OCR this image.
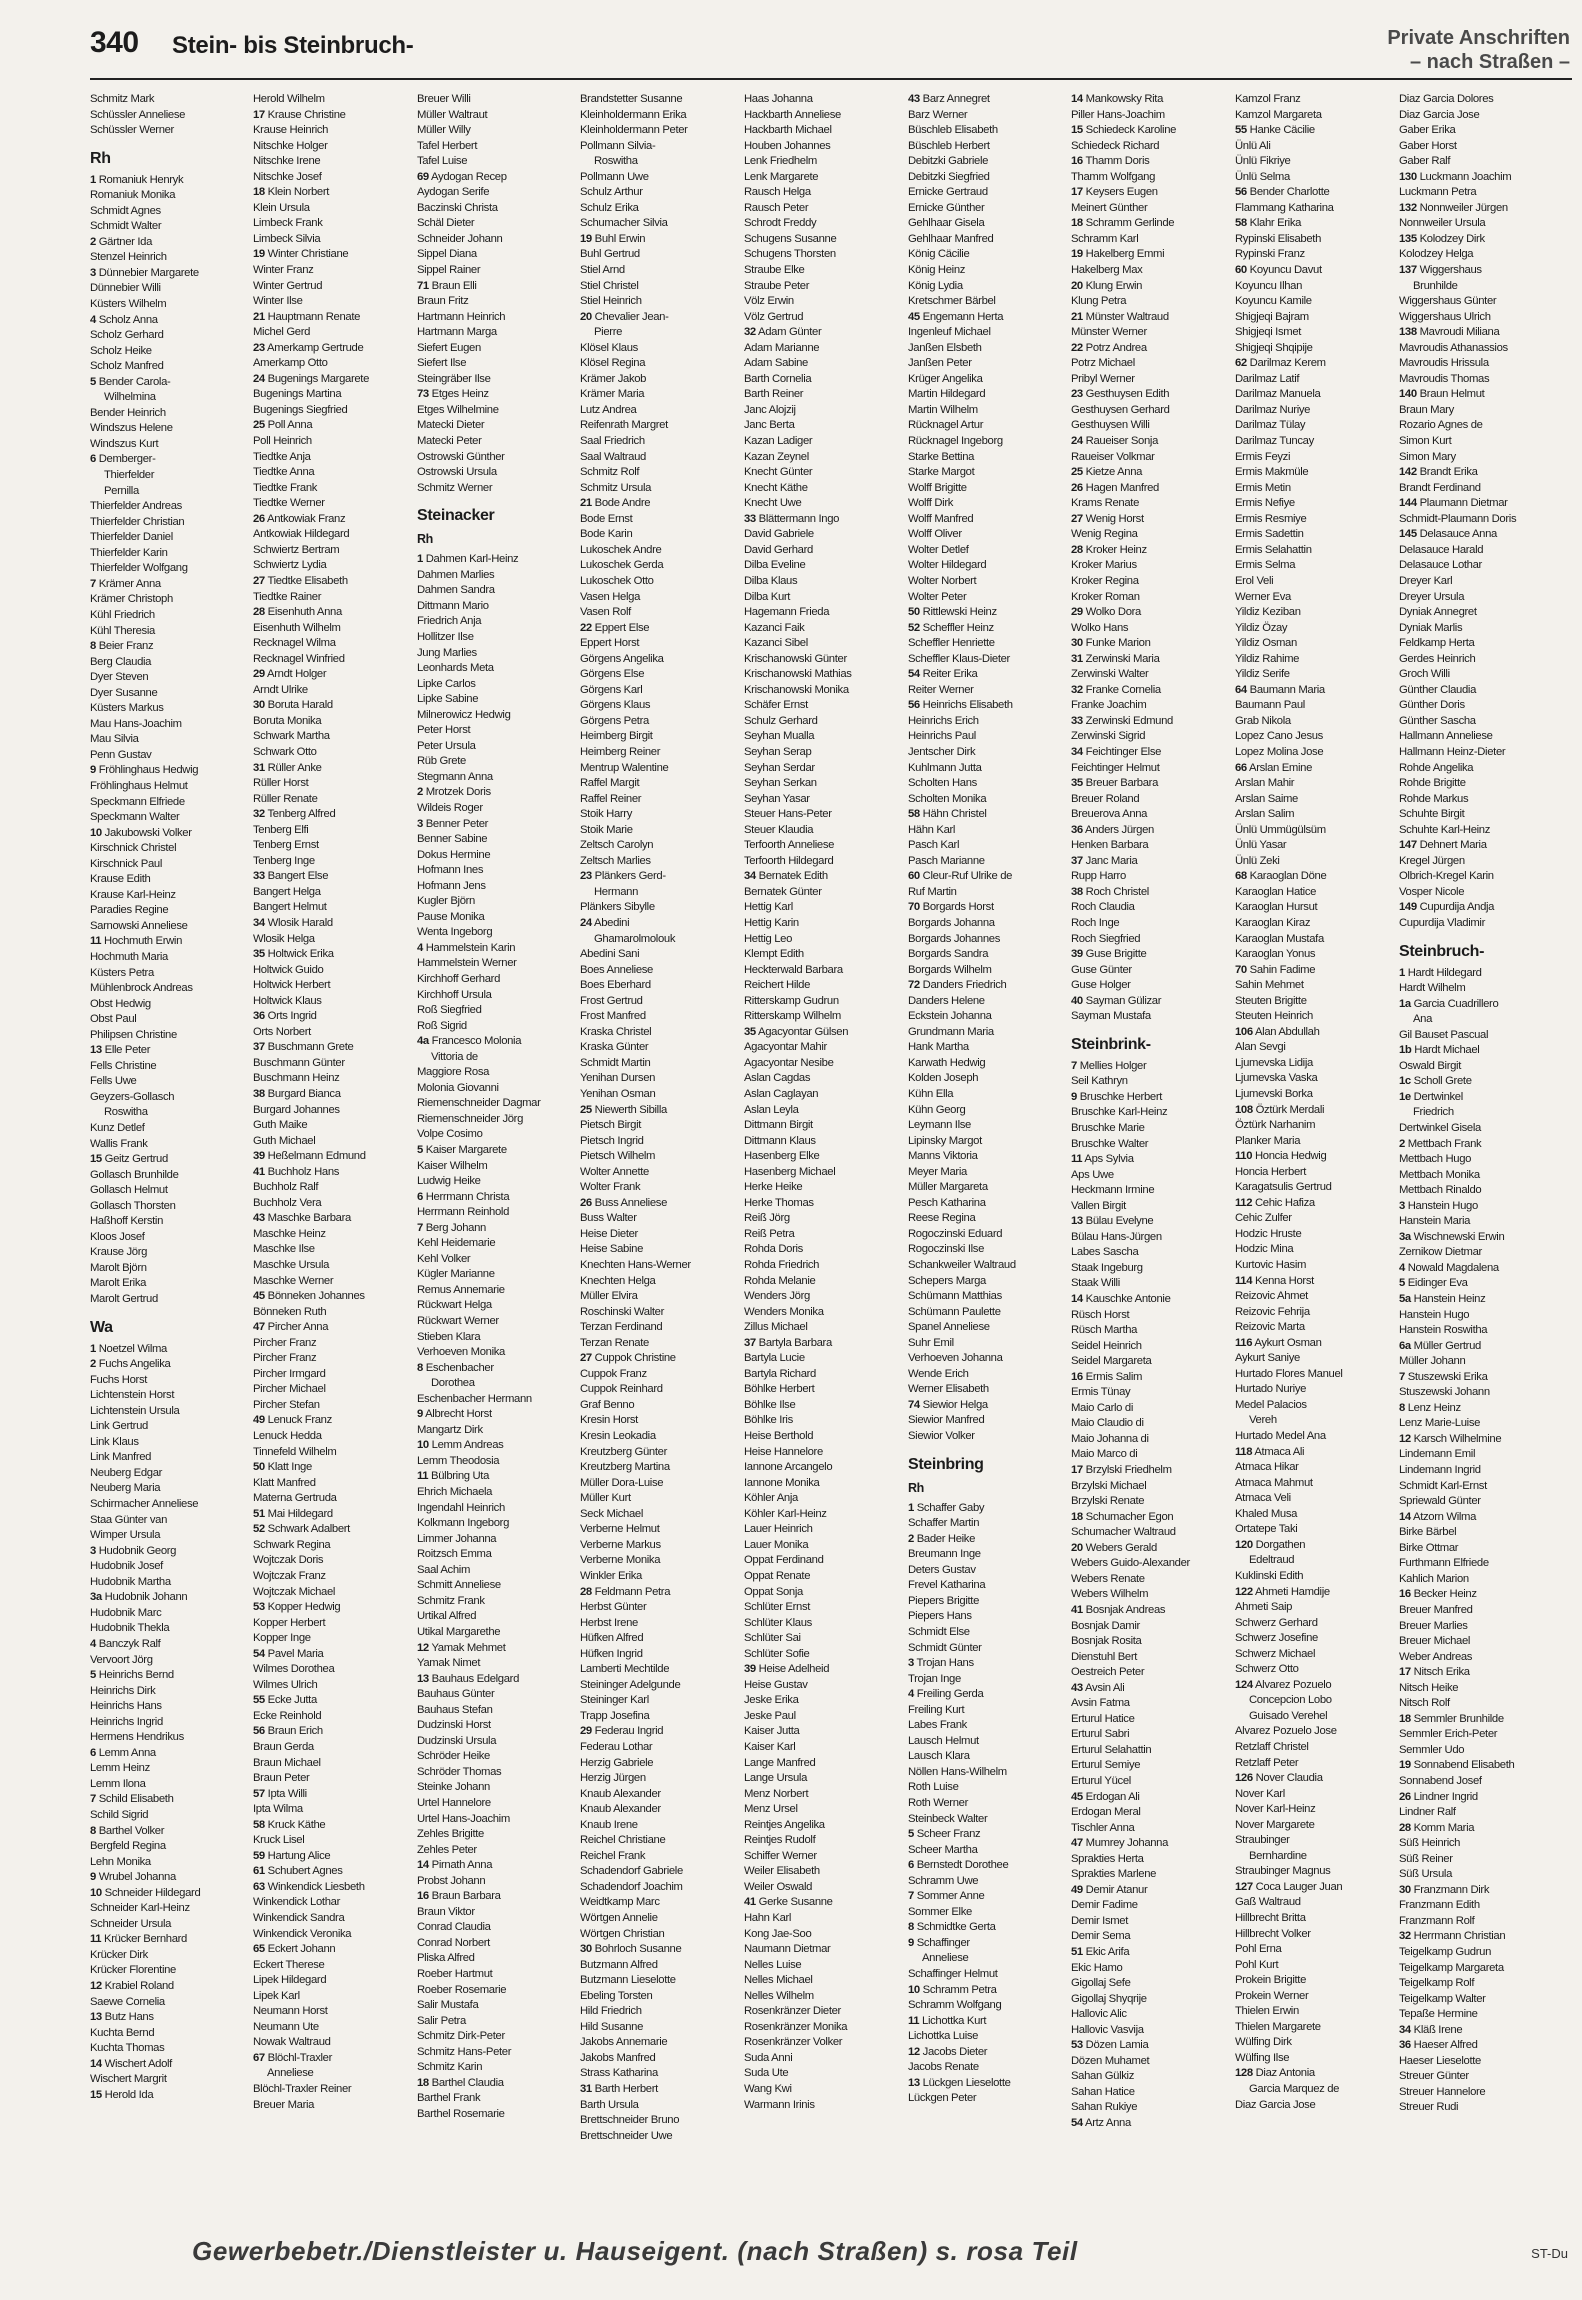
340 Stein- bis Steinbruch-	Private Anschriften
– nach Straßen –
Schmitz Mark
Schüssler Anneliese
Schüssler Werner
Rh
1 Romaniuk Henryk
Romaniuk Monika
Schmidt Agnes
Schmidt Walter
2 Gärtner Ida
Stenzel Heinrich
3 Dünnebier Margarete
Dünnebier Willi
Küsters Wilhelm
4 Scholz Anna
Scholz Gerhard
Scholz Heike
Scholz Manfred
5 Bender Carola-
Wilhelmina
Bender Heinrich
Windszus Helene
Windszus Kurt
6 Demberger-
Thierfelder
Pernilla
Thierfelder Andreas
Thierfelder Christian
Thierfelder Daniel
Thierfelder Karin
Thierfelder Wolfgang
7 Krämer Anna
Krämer Christoph
Kühl Friedrich
Kühl Theresia
8 Beier Franz
Berg Claudia
Dyer Steven
Dyer Susanne
Küsters Markus
Mau Hans-Joachim
Mau Silvia
Penn Gustav
9 Fröhlinghaus Hedwig
Fröhlinghaus Helmut
Speckmann Elfriede
Speckmann Walter
10 Jakubowski Volker
Kirschnick Christel
Kirschnick Paul
Krause Edith
Krause Karl-Heinz
Paradies Regine
Sarnowski Anneliese
11 Hochmuth Erwin
Hochmuth Maria
Küsters Petra
Mühlenbrock Andreas
Obst Hedwig
Obst Paul
Philipsen Christine
13 Elle Peter
Fells Christine
Fells Uwe
Geyzers-Gollasch
Roswitha
Kunz Detlef
Wallis Frank
15 Geitz Gertrud
Gollasch Brunhilde
Gollasch Helmut
Gollasch Thorsten
Haßhoff Kerstin
Kloos Josef
Krause Jörg
Marolt Björn
Marolt Erika
Marolt Gertrud
Wa
1 Noetzel Wilma
2 Fuchs Angelika
Fuchs Horst
Lichtenstein Horst
Lichtenstein Ursula
Link Gertrud
Link Klaus
Link Manfred
Neuberg Edgar
Neuberg Maria
Schirmacher Anneliese
Staa Günter van
Wimper Ursula
3 Hudobnik Georg
Hudobnik Josef
Hudobnik Martha
3a Hudobnik Johann
Hudobnik Marc
Hudobnik Thekla
4 Banczyk Ralf
Vervoort Jörg
5 Heinrichs Bernd
Heinrichs Dirk
Heinrichs Hans
Heinrichs Ingrid
Hermens Hendrikus
6 Lemm Anna
Lemm Heinz
Lemm Ilona
7 Schild Elisabeth
Schild Sigrid
8 Barthel Volker
Bergfeld Regina
Lehn Monika
9 Wrubel Johanna
10 Schneider Hildegard
Schneider Karl-Heinz
Schneider Ursula
11 Krücker Bernhard
Krücker Dirk
Krücker Florentine
12 Krabiel Roland
Saewe Cornelia
13 Butz Hans
Kuchta Bernd
Kuchta Thomas
14 Wischert Adolf
Wischert Margrit
15 Herold Ida
Herold Wilhelm
17 Krause Christine
Krause Heinrich
Nitschke Holger
Nitschke Irene
Nitschke Josef
18 Klein Norbert
Klein Ursula
Limbeck Frank
Limbeck Silvia
19 Winter Christiane
Winter Franz
Winter Gertrud
Winter Ilse
21 Hauptmann Renate
Michel Gerd
23 Amerkamp Gertrude
Amerkamp Otto
24 Bugenings Margarete
Bugenings Martina
Bugenings Siegfried
25 Poll Anna
Poll Heinrich
Tiedtke Anja
Tiedtke Anna
Tiedtke Frank
Tiedtke Werner
26 Antkowiak Franz
Antkowiak Hildegard
Schwiertz Bertram
Schwiertz Lydia
27 Tiedtke Elisabeth
Tiedtke Rainer
28 Eisenhuth Anna
Eisenhuth Wilhelm
Recknagel Wilma
Recknagel Winfried
29 Arndt Holger
Arndt Ulrike
30 Boruta Harald
Boruta Monika
Schwark Martha
Schwark Otto
31 Rüller Anke
Rüller Horst
Rüller Renate
32 Tenberg Alfred
Tenberg Elfi
Tenberg Ernst
Tenberg Inge
33 Bangert Else
Bangert Helga
Bangert Helmut
34 Wlosik Harald
Wlosik Helga
35 Holtwick Erika
Holtwick Guido
Holtwick Herbert
Holtwick Klaus
36 Orts Ingrid
Orts Norbert
37 Buschmann Grete
Buschmann Günter
Buschmann Heinz
38 Burgard Bianca
Burgard Johannes
Guth Maike
Guth Michael
39 Heßelmann Edmund
41 Buchholz Hans
Buchholz Ralf
Buchholz Vera
43 Maschke Barbara
Maschke Heinz
Maschke Ilse
Maschke Ursula
Maschke Werner
45 Bönneken Johannes
Bönneken Ruth
47 Pircher Anna
Pircher Franz
Pircher Franz
Pircher Irmgard
Pircher Michael
Pircher Stefan
49 Lenuck Franz
Lenuck Hedda
Tinnefeld Wilhelm
50 Klatt Inge
Klatt Manfred
Materna Gertruda
51 Mai Hildegard
52 Schwark Adalbert
Schwark Regina
Wojtczak Doris
Wojtczak Franz
Wojtczak Michael
53 Kopper Hedwig
Kopper Herbert
Kopper Inge
54 Pavel Maria
Wilmes Dorothea
Wilmes Ulrich
55 Ecke Jutta
Ecke Reinhold
56 Braun Erich
Braun Gerda
Braun Michael
Braun Peter
57 Ipta Willi
Ipta Wilma
58 Kruck Käthe
Kruck Lisel
59 Hartung Alice
61 Schubert Agnes
63 Winkendick Liesbeth
Winkendick Lothar
Winkendick Sandra
Winkendick Veronika
65 Eckert Johann
Eckert Therese
Lipek Hildegard
Lipek Karl
Neumann Horst
Neumann Ute
Nowak Waltraud
67 Blöchl-Traxler
Anneliese
Blöchl-Traxler Reiner
Breuer Maria
Breuer Willi
Müller Waltraut
Müller Willy
Tafel Herbert
Tafel Luise
69 Aydogan Recep
Aydogan Serife
Baczinski Christa
Schäl Dieter
Schneider Johann
Sippel Diana
Sippel Rainer
71 Braun Elli
Braun Fritz
Hartmann Heinrich
Hartmann Marga
Siefert Eugen
Siefert Ilse
Steingräber Ilse
73 Etges Heinz
Etges Wilhelmine
Matecki Dieter
Matecki Peter
Ostrowski Günther
Ostrowski Ursula
Schmitz Werner
Steinacker
Rh
1 Dahmen Karl-Heinz
Dahmen Marlies
Dahmen Sandra
Dittmann Mario
Friedrich Anja
Hollitzer Ilse
Jung Marlies
Leonhards Meta
Lipke Carlos
Lipke Sabine
Milnerowicz Hedwig
Peter Horst
Peter Ursula
Rüb Grete
Stegmann Anna
2 Mrotzek Doris
Wildeis Roger
3 Benner Peter
Benner Sabine
Dokus Hermine
Hofmann Ines
Hofmann Jens
Kugler Björn
Pause Monika
Wenta Ingeborg
4 Hammelstein Karin
Hammelstein Werner
Kirchhoff Gerhard
Kirchhoff Ursula
Roß Siegfried
Roß Sigrid
4a Francesco Molonia
Vittoria de
Maggiore Rosa
Molonia Giovanni
Riemenschneider Dagmar
Riemenschneider Jörg
Volpe Cosimo
5 Kaiser Margarete
Kaiser Wilhelm
Ludwig Heike
6 Herrmann Christa
Herrmann Reinhold
7 Berg Johann
Kehl Heidemarie
Kehl Volker
Kügler Marianne
Remus Annemarie
Rückwart Helga
Rückwart Werner
Stieben Klara
Verhoeven Monika
8 Eschenbacher
Dorothea
Eschenbacher Hermann
9 Albrecht Horst
Mangartz Dirk
10 Lemm Andreas
Lemm Theodosia
11 Bülbring Uta
Ehrich Michaela
Ingendahl Heinrich
Kolkmann Ingeborg
Limmer Johanna
Roitzsch Emma
Saal Achim
Schmitt Anneliese
Schmitz Frank
Urtikal Alfred
Utikal Margarethe
12 Yamak Mehmet
Yamak Nimet
13 Bauhaus Edelgard
Bauhaus Günter
Bauhaus Stefan
Dudzinski Horst
Dudzinski Ursula
Schröder Heike
Schröder Thomas
Steinke Johann
Urtel Hannelore
Urtel Hans-Joachim
Zehles Brigitte
Zehles Peter
14 Pirnath Anna
Probst Johann
16 Braun Barbara
Braun Viktor
Conrad Claudia
Conrad Norbert
Pliska Alfred
Roeber Hartmut
Roeber Rosemarie
Salir Mustafa
Salir Petra
Schmitz Dirk-Peter
Schmitz Hans-Peter
Schmitz Karin
18 Barthel Claudia
Barthel Frank
Barthel Rosemarie
Brandstetter Susanne
Kleinholdermann Erika
Kleinholdermann Peter
Pollmann Silvia-
Roswitha
Pollmann Uwe
Schulz Arthur
Schulz Erika
Schumacher Silvia
19 Buhl Erwin
Buhl Gertrud
Stiel Arnd
Stiel Christel
Stiel Heinrich
20 Chevalier Jean-
Pierre
Klösel Klaus
Klösel Regina
Krämer Jakob
Krämer Maria
Lutz Andrea
Reifenrath Margret
Saal Friedrich
Saal Waltraud
Schmitz Rolf
Schmitz Ursula
21 Bode Andre
Bode Ernst
Bode Karin
Lukoschek Andre
Lukoschek Gerda
Lukoschek Otto
Vasen Helga
Vasen Rolf
22 Eppert Else
Eppert Horst
Görgens Angelika
Görgens Else
Görgens Karl
Görgens Klaus
Görgens Petra
Heimberg Birgit
Heimberg Reiner
Mentrup Walentine
Raffel Margit
Raffel Reiner
Stoik Harry
Stoik Marie
Zeltsch Carolyn
Zeltsch Marlies
23 Plänkers Gerd-
Hermann
Plänkers Sibylle
24 Abedini
Ghamarolmolouk
Abedini Sani
Boes Anneliese
Boes Eberhard
Frost Gertrud
Frost Manfred
Kraska Christel
Kraska Günter
Schmidt Martin
Yenihan Dursen
Yenihan Osman
25 Niewerth Sibilla
Pietsch Birgit
Pietsch Ingrid
Pietsch Wilhelm
Wolter Annette
Wolter Frank
26 Buss Anneliese
Buss Walter
Heise Dieter
Heise Sabine
Knechten Hans-Werner
Knechten Helga
Müller Elvira
Roschinski Walter
Terzan Ferdinand
Terzan Renate
27 Cuppok Christine
Cuppok Franz
Cuppok Reinhard
Graf Benno
Kresin Horst
Kresin Leokadia
Kreutzberg Günter
Kreutzberg Martina
Müller Dora-Luise
Müller Kurt
Seck Michael
Verberne Helmut
Verberne Markus
Verberne Monika
Winkler Erika
28 Feldmann Petra
Herbst Günter
Herbst Irene
Hüfken Alfred
Hüfken Ingrid
Lamberti Mechtilde
Steininger Adelgunde
Steininger Karl
Trapp Josefina
29 Federau Ingrid
Federau Lothar
Herzig Gabriele
Herzig Jürgen
Knaub Alexander
Knaub Alexander
Knaub Irene
Reichel Christiane
Reichel Frank
Schadendorf Gabriele
Schadendorf Joachim
Weidtkamp Marc
Wörtgen Annelie
Wörtgen Christian
30 Bohrloch Susanne
Butzmann Alfred
Butzmann Lieselotte
Ebeling Torsten
Hild Friedrich
Hild Susanne
Jakobs Annemarie
Jakobs Manfred
Strass Katharina
31 Barth Herbert
Barth Ursula
Brettschneider Bruno
Brettschneider Uwe
Haas Johanna
Hackbarth Anneliese
Hackbarth Michael
Houben Johannes
Lenk Friedhelm
Lenk Margarete
Rausch Helga
Rausch Peter
Schrodt Freddy
Schugens Susanne
Schugens Thorsten
Straube Elke
Straube Peter
Völz Erwin
Völz Gertrud
32 Adam Günter
Adam Marianne
Adam Sabine
Barth Cornelia
Barth Reiner
Janc Alojzij
Janc Berta
Kazan Ladiger
Kazan Zeynel
Knecht Günter
Knecht Käthe
Knecht Uwe
33 Blättermann Ingo
David Gabriele
David Gerhard
Dilba Eveline
Dilba Klaus
Dilba Kurt
Hagemann Frieda
Kazanci Faik
Kazanci Sibel
Krischanowski Günter
Krischanowski Mathias
Krischanowski Monika
Schäfer Ernst
Schulz Gerhard
Seyhan Mualla
Seyhan Serap
Seyhan Serdar
Seyhan Serkan
Seyhan Yasar
Steuer Hans-Peter
Steuer Klaudia
Terfoorth Anneliese
Terfoorth Hildegard
34 Bernatek Edith
Bernatek Günter
Hettig Karl
Hettig Karin
Hettig Leo
Klempt Edith
Heckterwald Barbara
Reichert Hilde
Ritterskamp Gudrun
Ritterskamp Wilhelm
35 Agacyontar Gülsen
Agacyontar Mahir
Agacyontar Nesibe
Aslan Cagdas
Aslan Caglayan
Aslan Leyla
Dittmann Birgit
Dittmann Klaus
Hasenberg Elke
Hasenberg Michael
Herke Heike
Herke Thomas
Reiß Jörg
Reiß Petra
Rohda Doris
Rohda Friedrich
Rohda Melanie
Wenders Jörg
Wenders Monika
Zillus Michael
37 Bartyla Barbara
Bartyla Lucie
Bartyla Richard
Böhlke Herbert
Böhlke Ilse
Böhlke Iris
Heise Berthold
Heise Hannelore
Iannone Arcangelo
Iannone Monika
Köhler Anja
Köhler Karl-Heinz
Lauer Heinrich
Lauer Monika
Oppat Ferdinand
Oppat Renate
Oppat Sonja
Schlüter Ernst
Schlüter Klaus
Schlüter Sai
Schlüter Sofie
39 Heise Adelheid
Heise Gustav
Jeske Erika
Jeske Paul
Kaiser Jutta
Kaiser Karl
Lange Manfred
Lange Ursula
Menz Norbert
Menz Ursel
Reintjes Angelika
Reintjes Rudolf
Schiffer Werner
Weiler Elisabeth
Weiler Oswald
41 Gerke Susanne
Hahn Karl
Kong Jae-Soo
Naumann Dietmar
Nelles Luise
Nelles Michael
Nelles Wilhelm
Rosenkränzer Dieter
Rosenkränzer Monika
Rosenkränzer Volker
Suda Anni
Suda Ute
Wang Kwi
Warmann Irinis
43 Barz Annegret
Barz Werner
Büschleb Elisabeth
Büschleb Herbert
Debitzki Gabriele
Debitzki Siegfried
Ernicke Gertraud
Ernicke Günther
Gehlhaar Gisela
Gehlhaar Manfred
König Cäcilie
König Heinz
König Lydia
Kretschmer Bärbel
45 Engemann Herta
Ingenleuf Michael
Janßen Elsbeth
Janßen Peter
Krüger Angelika
Martin Hildegard
Martin Wilhelm
Rücknagel Artur
Rücknagel Ingeborg
Starke Bettina
Starke Margot
Wolff Brigitte
Wolff Dirk
Wolff Manfred
Wolff Oliver
Wolter Detlef
Wolter Hildegard
Wolter Norbert
Wolter Peter
50 Rittlewski Heinz
52 Scheffler Heinz
Scheffler Henriette
Scheffler Klaus-Dieter
54 Reiter Erika
Reiter Werner
56 Heinrichs Elisabeth
Heinrichs Erich
Heinrichs Paul
Jentscher Dirk
Kuhlmann Jutta
Scholten Hans
Scholten Monika
58 Hähn Christel
Hähn Karl
Pasch Karl
Pasch Marianne
60 Cleur-Ruf Ulrike de
Ruf Martin
70 Borgards Horst
Borgards Johanna
Borgards Johannes
Borgards Sandra
Borgards Wilhelm
72 Danders Friedrich
Danders Helene
Eckstein Johanna
Grundmann Maria
Hank Martha
Karwath Hedwig
Kolden Joseph
Kühn Ella
Kühn Georg
Leymann Ilse
Lipinsky Margot
Manns Viktoria
Meyer Maria
Müller Margareta
Pesch Katharina
Reese Regina
Rogoczinski Eduard
Rogoczinski Ilse
Schankweiler Waltraud
Schepers Marga
Schümann Matthias
Schümann Paulette
Spanel Anneliese
Suhr Emil
Verhoeven Johanna
Wende Erich
Werner Elisabeth
74 Siewior Helga
Siewior Manfred
Siewior Volker
Steinbring
Rh
1 Schaffer Gaby
Schaffer Martin
2 Bader Heike
Breumann Inge
Deters Gustav
Frevel Katharina
Piepers Brigitte
Piepers Hans
Schmidt Else
Schmidt Günter
3 Trojan Hans
Trojan Inge
4 Freiling Gerda
Freiling Kurt
Labes Frank
Lausch Helmut
Lausch Klara
Nöllen Hans-Wilhelm
Roth Luise
Roth Werner
Steinbeck Walter
5 Scheer Franz
Scheer Martha
6 Bernstedt Dorothee
Schramm Uwe
7 Sommer Anne
Sommer Elke
8 Schmidtke Gerta
9 Schaffinger
Anneliese
Schaffinger Helmut
10 Schramm Petra
Schramm Wolfgang
11 Lichottka Kurt
Lichottka Luise
12 Jacobs Dieter
Jacobs Renate
13 Lückgen Lieselotte
Lückgen Peter
14 Mankowsky Rita
Piller Hans-Joachim
15 Schiedeck Karoline
Schiedeck Richard
16 Thamm Doris
Thamm Wolfgang
17 Keysers Eugen
Meinert Günther
18 Schramm Gerlinde
Schramm Karl
19 Hakelberg Emmi
Hakelberg Max
20 Klung Erwin
Klung Petra
21 Münster Waltraud
Münster Werner
22 Potrz Andrea
Potrz Michael
Pribyl Werner
23 Gesthuysen Edith
Gesthuysen Gerhard
Gesthuysen Willi
24 Raueiser Sonja
Raueiser Volkmar
25 Kietze Anna
26 Hagen Manfred
Krams Renate
27 Wenig Horst
Wenig Regina
28 Kroker Heinz
Kroker Marius
Kroker Regina
Kroker Roman
29 Wolko Dora
Wolko Hans
30 Funke Marion
31 Zerwinski Maria
Zerwinski Walter
32 Franke Cornelia
Franke Joachim
33 Zerwinski Edmund
Zerwinski Sigrid
34 Feichtinger Else
Feichtinger Helmut
35 Breuer Barbara
Breuer Roland
Breuerova Anna
36 Anders Jürgen
Henken Barbara
37 Janc Maria
Rupp Harro
38 Roch Christel
Roch Claudia
Roch Inge
Roch Siegfried
39 Guse Brigitte
Guse Günter
Guse Holger
40 Sayman Gülizar
Sayman Mustafa
Steinbrink-
7 Mellies Holger
Seil Kathryn
9 Bruschke Herbert
Bruschke Karl-Heinz
Bruschke Marie
Bruschke Walter
11 Aps Sylvia
Aps Uwe
Heckmann Irmine
Vallen Birgit
13 Bülau Evelyne
Bülau Hans-Jürgen
Labes Sascha
Staak Ingeburg
Staak Willi
14 Kauschke Antonie
Rüsch Horst
Rüsch Martha
Seidel Heinrich
Seidel Margareta
16 Ermis Salim
Ermis Tünay
Maio Carlo di
Maio Claudio di
Maio Johanna di
Maio Marco di
17 Brzylski Friedhelm
Brzylski Michael
Brzylski Renate
18 Schumacher Egon
Schumacher Waltraud
20 Webers Gerald
Webers Guido-Alexander
Webers Renate
Webers Wilhelm
41 Bosnjak Andreas
Bosnjak Damir
Bosnjak Rosita
Dienstuhl Bert
Oestreich Peter
43 Avsin Ali
Avsin Fatma
Erturul Hatice
Erturul Sabri
Erturul Selahattin
Erturul Semiye
Erturul Yücel
45 Erdogan Ali
Erdogan Meral
Tischler Anna
47 Mumrey Johanna
Sprakties Herta
Sprakties Marlene
49 Demir Atanur
Demir Fadime
Demir Ismet
Demir Sema
51 Ekic Arifa
Ekic Hamo
Gigollaj Sefe
Gigollaj Shyqrije
Hallovic Alic
Hallovic Vasvija
53 Dözen Lamia
Dözen Muhamet
Sahan Gülkiz
Sahan Hatice
Sahan Rukiye
54 Artz Anna
Kamzol Franz
Kamzol Margareta
55 Hanke Cäcilie
Ünlü Ali
Ünlü Fikriye
Ünlü Selma
56 Bender Charlotte
Flammang Katharina
58 Klahr Erika
Rypinski Elisabeth
Rypinski Franz
60 Koyuncu Davut
Koyuncu Ilhan
Koyuncu Kamile
Shigjeqi Bajram
Shigjeqi Ismet
Shigjeqi Shqipije
62 Darilmaz Kerem
Darilmaz Latif
Darilmaz Manuela
Darilmaz Nuriye
Darilmaz Tülay
Darilmaz Tuncay
Ermis Feyzi
Ermis Makmüle
Ermis Metin
Ermis Nefiye
Ermis Resmiye
Ermis Sadettin
Ermis Selahattin
Ermis Selma
Erol Veli
Werner Eva
Yildiz Keziban
Yildiz Özay
Yildiz Osman
Yildiz Rahime
Yildiz Serife
64 Baumann Maria
Baumann Paul
Grab Nikola
Lopez Cano Jesus
Lopez Molina Jose
66 Arslan Emine
Arslan Mahir
Arslan Saime
Arslan Salim
Ünlü Ummügülsüm
Ünlü Yasar
Ünlü Zeki
68 Karaoglan Döne
Karaoglan Hatice
Karaoglan Hursut
Karaoglan Kiraz
Karaoglan Mustafa
Karaoglan Yonus
70 Sahin Fadime
Sahin Mehmet
Steuten Brigitte
Steuten Heinrich
106 Alan Abdullah
Alan Sevgi
Ljumevska Lidija
Ljumevska Vaska
Ljumevski Borka
108 Öztürk Merdali
Öztürk Narhanim
Planker Maria
110 Honcia Hedwig
Honcia Herbert
Karagatsulis Gertrud
112 Cehic Hafiza
Cehic Zulfer
Hodzic Hruste
Hodzic Mina
Kurtovic Hasim
114 Kenna Horst
Reizovic Ahmet
Reizovic Fehrija
Reizovic Marta
116 Aykurt Osman
Aykurt Saniye
Hurtado Flores Manuel
Hurtado Nuriye
Medel Palacios
Vereh
Hurtado Medel Ana
118 Atmaca Ali
Atmaca Hikar
Atmaca Mahmut
Atmaca Veli
Khaled Musa
Ortatepe Taki
120 Dorgathen
Edeltraud
Kuklinski Edith
122 Ahmeti Hamdije
Ahmeti Saip
Schwerz Gerhard
Schwerz Josefine
Schwerz Michael
Schwerz Otto
124 Alvarez Pozuelo
Concepcion Lobo
Guisado Verehel
Alvarez Pozuelo Jose
Retzlaff Christel
Retzlaff Peter
126 Nover Claudia
Nover Karl
Nover Karl-Heinz
Nover Margarete
Straubinger
Bernhardine
Straubinger Magnus
127 Coca Lauger Juan
Gaß Waltraud
Hillbrecht Britta
Hillbrecht Volker
Pohl Erna
Pohl Kurt
Prokein Brigitte
Prokein Werner
Thielen Erwin
Thielen Margarete
Wülfing Dirk
Wülfing Ilse
128 Diaz Antonia
Garcia Marquez de
Diaz Garcia Jose
Diaz Garcia Dolores
Diaz Garcia Jose
Gaber Erika
Gaber Horst
Gaber Ralf
130 Luckmann Joachim
Luckmann Petra
132 Nonnweiler Jürgen
Nonnweiler Ursula
135 Kolodzey Dirk
Kolodzey Helga
137 Wiggershaus
Brunhilde
Wiggershaus Günter
Wiggershaus Ulrich
138 Mavroudi Miliana
Mavroudis Athanassios
Mavroudis Hrissula
Mavroudis Thomas
140 Braun Helmut
Braun Mary
Rozario Agnes de
Simon Kurt
Simon Mary
142 Brandt Erika
Brandt Ferdinand
144 Plaumann Dietmar
Schmidt-Plaumann Doris
145 Delasauce Anna
Delasauce Harald
Delasauce Lothar
Dreyer Karl
Dreyer Ursula
Dyniak Annegret
Dyniak Marlis
Feldkamp Herta
Gerdes Heinrich
Groch Willi
Günther Claudia
Günther Doris
Günther Sascha
Hallmann Anneliese
Hallmann Heinz-Dieter
Rohde Angelika
Rohde Brigitte
Rohde Markus
Schuhte Birgit
Schuhte Karl-Heinz
147 Dehnert Maria
Kregel Jürgen
Olbrich-Kregel Karin
Vosper Nicole
149 Cupurdija Andja
Cupurdija Vladimir
Steinbruch-
1 Hardt Hildegard
Hardt Wilhelm
1a Garcia Cuadrillero
Ana
Gil Bauset Pascual
1b Hardt Michael
Oswald Birgit
1c Scholl Grete
1e Dertwinkel
Friedrich
Dertwinkel Gisela
2 Mettbach Frank
Mettbach Hugo
Mettbach Monika
Mettbach Rinaldo
3 Hanstein Hugo
Hanstein Maria
3a Wischnewski Erwin
Zernikow Dietmar
4 Nowald Magdalena
5 Eidinger Eva
5a Hanstein Heinz
Hanstein Hugo
Hanstein Roswitha
6a Müller Gertrud
Müller Johann
7 Stuszewski Erika
Stuszewski Johann
8 Lenz Heinz
Lenz Marie-Luise
12 Karsch Wilhelmine
Lindemann Emil
Lindemann Ingrid
Schmidt Karl-Ernst
Spriewald Günter
14 Atzorn Wilma
Birke Bärbel
Birke Ottmar
Furthmann Elfriede
Kahlich Marion
16 Becker Heinz
Breuer Manfred
Breuer Marlies
Breuer Michael
Weber Andreas
17 Nitsch Erika
Nitsch Heike
Nitsch Rolf
18 Semmler Brunhilde
Semmler Erich-Peter
Semmler Udo
19 Sonnabend Elisabeth
Sonnabend Josef
26 Lindner Ingrid
Lindner Ralf
28 Komm Maria
Süß Heinrich
Süß Reiner
Süß Ursula
30 Franzmann Dirk
Franzmann Edith
Franzmann Rolf
32 Herrmann Christian
Teigelkamp Gudrun
Teigelkamp Margareta
Teigelkamp Rolf
Teigelkamp Walter
Tepaße Hermine
34 Kläß Irene
36 Haeser Alfred
Haeser Lieselotte
Streuer Günter
Streuer Hannelore
Streuer Rudi
Gewerbebetr./Dienstleister u. Hauseigent. (nach Straßen) s. rosa Teil	ST-Du
